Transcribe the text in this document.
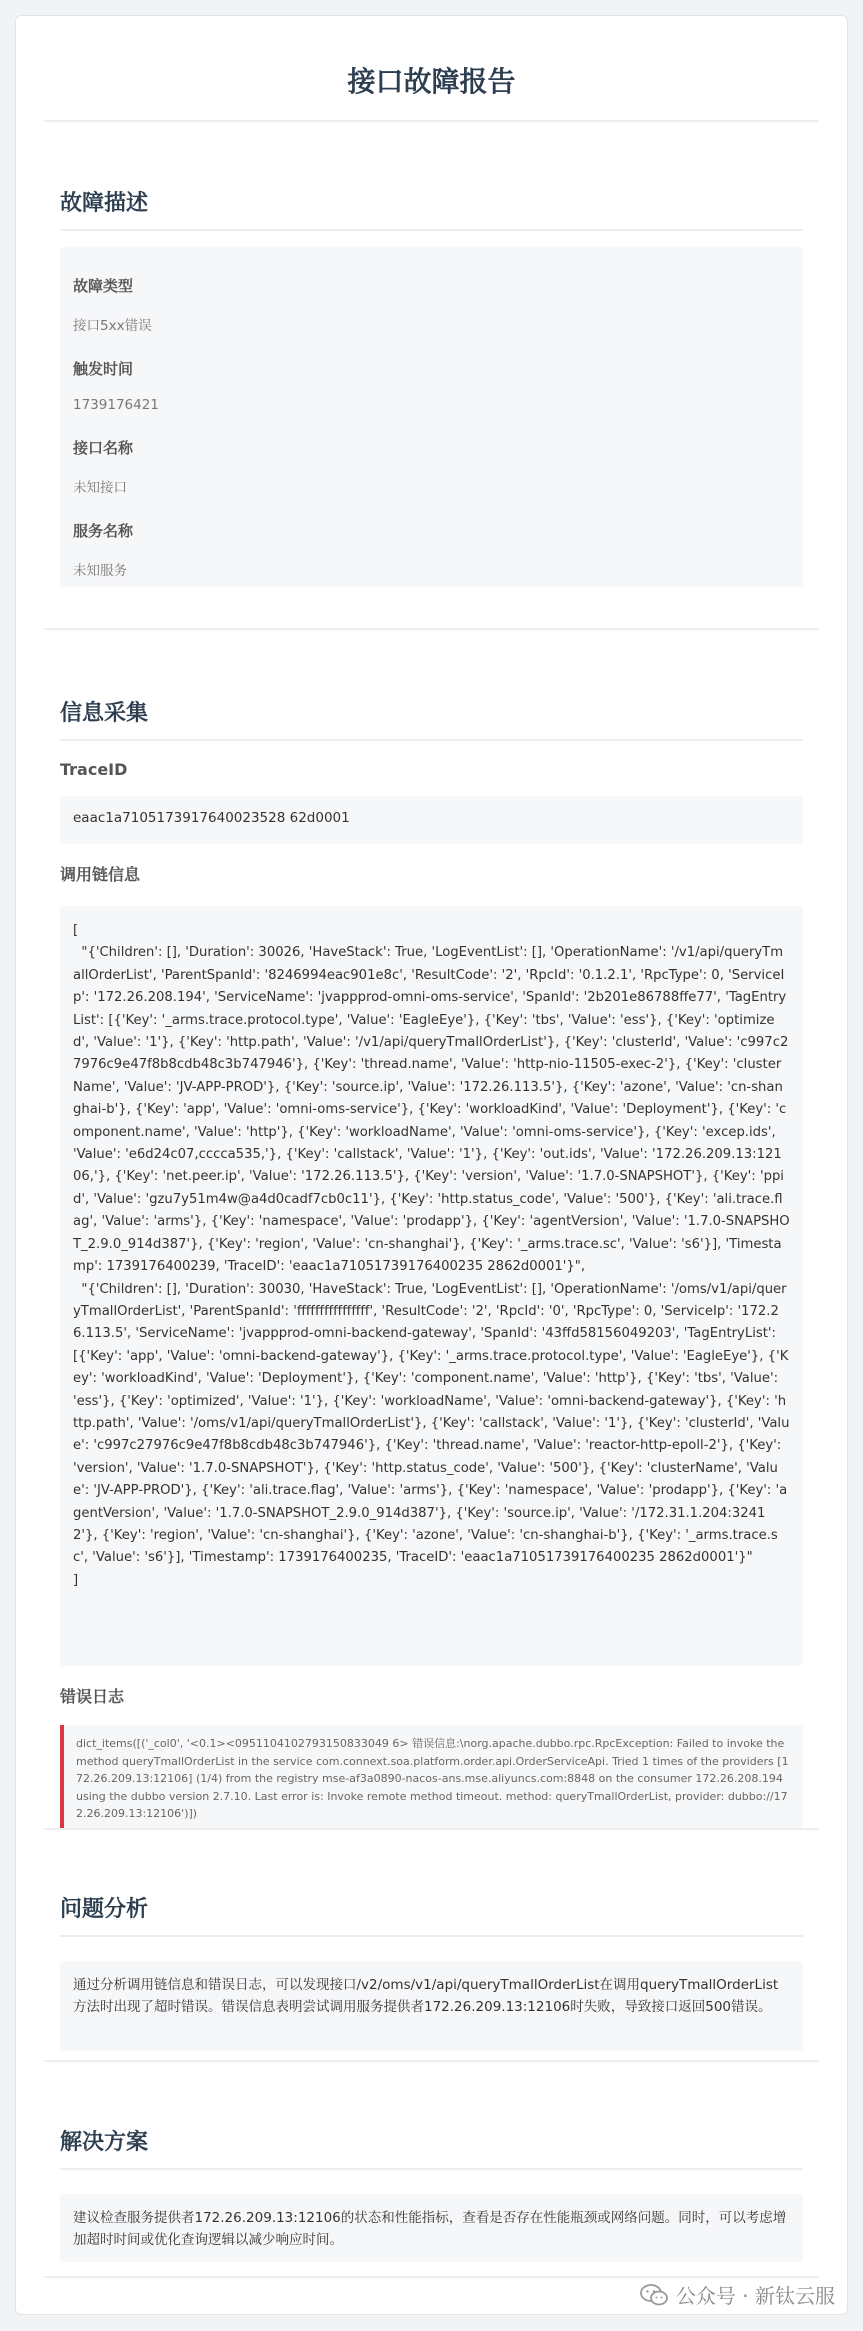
接口故障报告
故障描述
故障类型
接口5xx错误
触发时间
1739176421
接口名称
未知接口
服务名称
未知服务
信息采集
TraceID
eaac1a7105173917640023528 62d0001
调用链信息
[
"{'Children': [], 'Duration': 30026, 'HaveStack': True, 'LogEventList': [], 'OperationName': '/v1/api/queryTmallOrderList', 'ParentSpanId': '8246994eac901e8c', 'ResultCode': '2', 'RpcId': '0.1.2.1', 'RpcType': 0, 'ServiceIp': '172.26.208.194', 'ServiceName': 'jvappprod-omni-oms-service', 'SpanId': '2b201e86788ffe77', 'TagEntryList': [{'Key': '_arms.trace.protocol.type', 'Value': 'EagleEye'}, {'Key': 'tbs', 'Value': 'ess'}, {'Key': 'optimized', 'Value': '1'}, {'Key': 'http.path', 'Value': '/v1/api/queryTmallOrderList'}, {'Key': 'clusterId', 'Value': 'c997c27976c9e47f8b8cdb48c3b747946'}, {'Key': 'thread.name', 'Value': 'http-nio-11505-exec-2'}, {'Key': 'clusterName', 'Value': 'JV-APP-PROD'}, {'Key': 'source.ip', 'Value': '172.26.113.5'}, {'Key': 'azone', 'Value': 'cn-shanghai-b'}, {'Key': 'app', 'Value': 'omni-oms-service'}, {'Key': 'workloadKind', 'Value': 'Deployment'}, {'Key': 'component.name', 'Value': 'http'}, {'Key': 'workloadName', 'Value': 'omni-oms-service'}, {'Key': 'excep.ids', 'Value': 'e6d24c07,cccca535,'}, {'Key': 'callstack', 'Value': '1'}, {'Key': 'out.ids', 'Value': '172.26.209.13:12106,'}, {'Key': 'net.peer.ip', 'Value': '172.26.113.5'}, {'Key': 'version', 'Value': '1.7.0-SNAPSHOT'}, {'Key': 'ppid', 'Value': 'gzu7y51m4w@a4d0cadf7cb0c11'}, {'Key': 'http.status_code', 'Value': '500'}, {'Key': 'ali.trace.flag', 'Value': 'arms'}, {'Key': 'namespace', 'Value': 'prodapp'}, {'Key': 'agentVersion', 'Value': '1.7.0-SNAPSHOT_2.9.0_914d387'}, {'Key': 'region', 'Value': 'cn-shanghai'}, {'Key': '_arms.trace.sc', 'Value': 's6'}], 'Timestamp': 1739176400239, 'TraceID': 'eaac1a71051739176400235 2862d0001'}",
"{'Children': [], 'Duration': 30030, 'HaveStack': True, 'LogEventList': [], 'OperationName': '/oms/v1/api/queryTmallOrderList', 'ParentSpanId': 'ffffffffffffffff', 'ResultCode': '2', 'RpcId': '0', 'RpcType': 0, 'ServiceIp': '172.26.113.5', 'ServiceName': 'jvappprod-omni-backend-gateway', 'SpanId': '43ffd58156049203', 'TagEntryList': [{'Key': 'app', 'Value': 'omni-backend-gateway'}, {'Key': '_arms.trace.protocol.type', 'Value': 'EagleEye'}, {'Key': 'workloadKind', 'Value': 'Deployment'}, {'Key': 'component.name', 'Value': 'http'}, {'Key': 'tbs', 'Value': 'ess'}, {'Key': 'optimized', 'Value': '1'}, {'Key': 'workloadName', 'Value': 'omni-backend-gateway'}, {'Key': 'http.path', 'Value': '/oms/v1/api/queryTmallOrderList'}, {'Key': 'callstack', 'Value': '1'}, {'Key': 'clusterId', 'Value': 'c997c27976c9e47f8b8cdb48c3b747946'}, {'Key': 'thread.name', 'Value': 'reactor-http-epoll-2'}, {'Key': 'version', 'Value': '1.7.0-SNAPSHOT'}, {'Key': 'http.status_code', 'Value': '500'}, {'Key': 'clusterName', 'Value': 'JV-APP-PROD'}, {'Key': 'ali.trace.flag', 'Value': 'arms'}, {'Key': 'namespace', 'Value': 'prodapp'}, {'Key': 'agentVersion', 'Value': '1.7.0-SNAPSHOT_2.9.0_914d387'}, {'Key': 'source.ip', 'Value': '/172.31.1.204:32412'}, {'Key': 'region', 'Value': 'cn-shanghai'}, {'Key': 'azone', 'Value': 'cn-shanghai-b'}, {'Key': '_arms.trace.sc', 'Value': 's6'}], 'Timestamp': 1739176400235, 'TraceID': 'eaac1a71051739176400235 2862d0001'}"
]
错误日志
dict_items([('_col0', '<0.1><0951104102793150833049 6> 错误信息:\norg.apache.dubbo.rpc.RpcException: Failed to invoke the method queryTmallOrderList in the service com.connext.soa.platform.order.api.OrderServiceApi. Tried 1 times of the providers [172.26.209.13:12106] (1/4) from the registry mse-af3a0890-nacos-ans.mse.aliyuncs.com:8848 on the consumer 172.26.208.194 using the dubbo version 2.7.10. Last error is: Invoke remote method timeout. method: queryTmallOrderList, provider: dubbo://172.26.209.13:12106')])
问题分析
通过分析调用链信息和错误日志，可以发现接口/v2/oms/v1/api/queryTmallOrderList在调用queryTmallOrderList方法时出现了超时错误。错误信息表明尝试调用服务提供者172.26.209.13:12106时失败，导致接口返回500错误。
解决方案
建议检查服务提供者172.26.209.13:12106的状态和性能指标，查看是否存在性能瓶颈或网络问题。同时，可以考虑增加超时时间或优化查询逻辑以减少响应时间。
公众号 · 新钛云服
